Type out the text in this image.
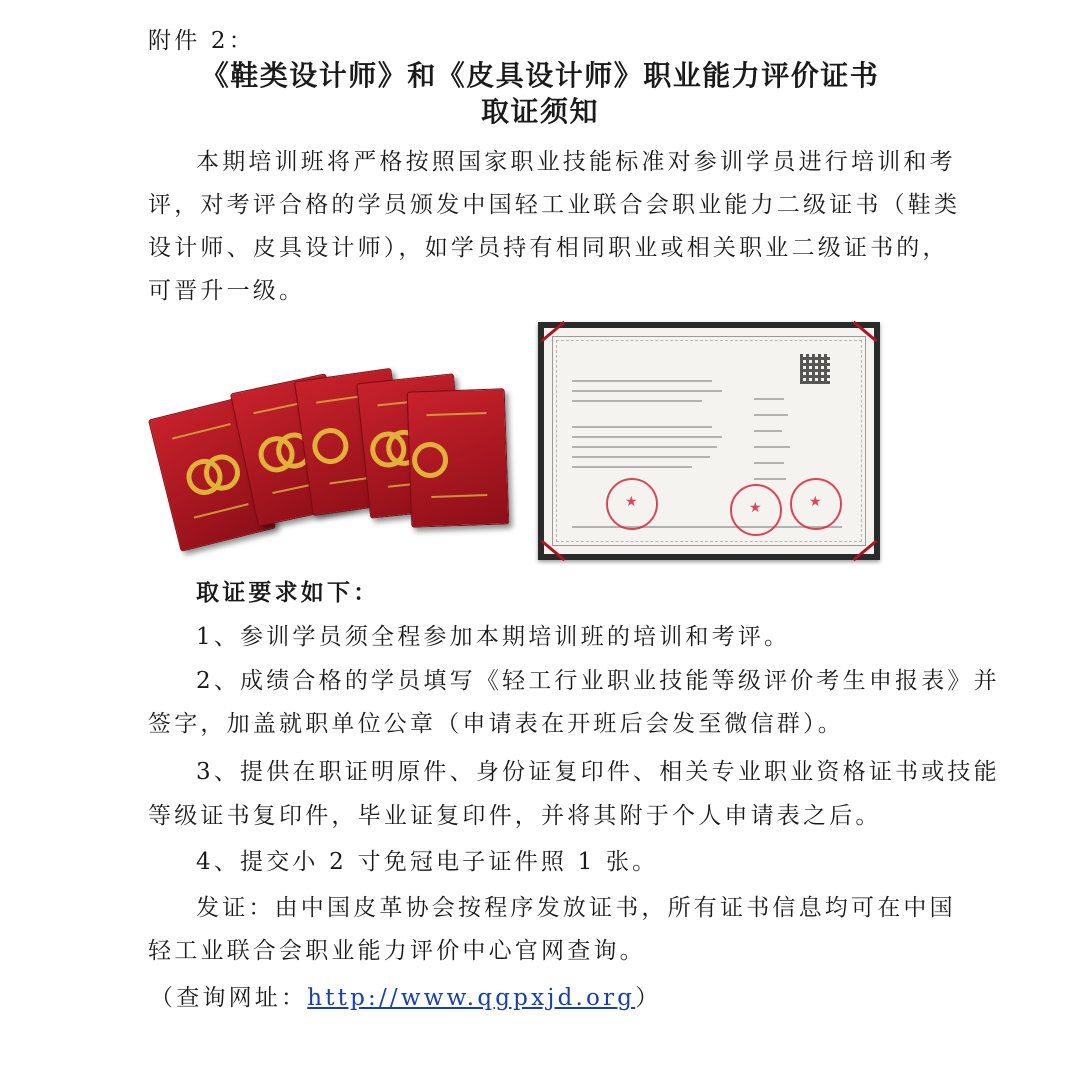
附件 2：
《鞋类设计师》和《皮具设计师》职业能力评价证书
取证须知
本期培训班将严格按照国家职业技能标准对参训学员进行培训和考
评，对考评合格的学员颁发中国轻工业联合会职业能力二级证书（鞋类
设计师、皮具设计师），如学员持有相同职业或相关职业二级证书的，
可晋升一级。
★	★	★
取证要求如下：
1、参训学员须全程参加本期培训班的培训和考评。
2、成绩合格的学员填写《轻工行业职业技能等级评价考生申报表》并
签字，加盖就职单位公章（申请表在开班后会发至微信群）。
3、提供在职证明原件、身份证复印件、相关专业职业资格证书或技能
等级证书复印件，毕业证复印件，并将其附于个人申请表之后。
4、提交小 2 寸免冠电子证件照 1 张。
发证：由中国皮革协会按程序发放证书，所有证书信息均可在中国
轻工业联合会职业能力评价中心官网查询。
（查询网址：http://www.qgpxjd.org）
